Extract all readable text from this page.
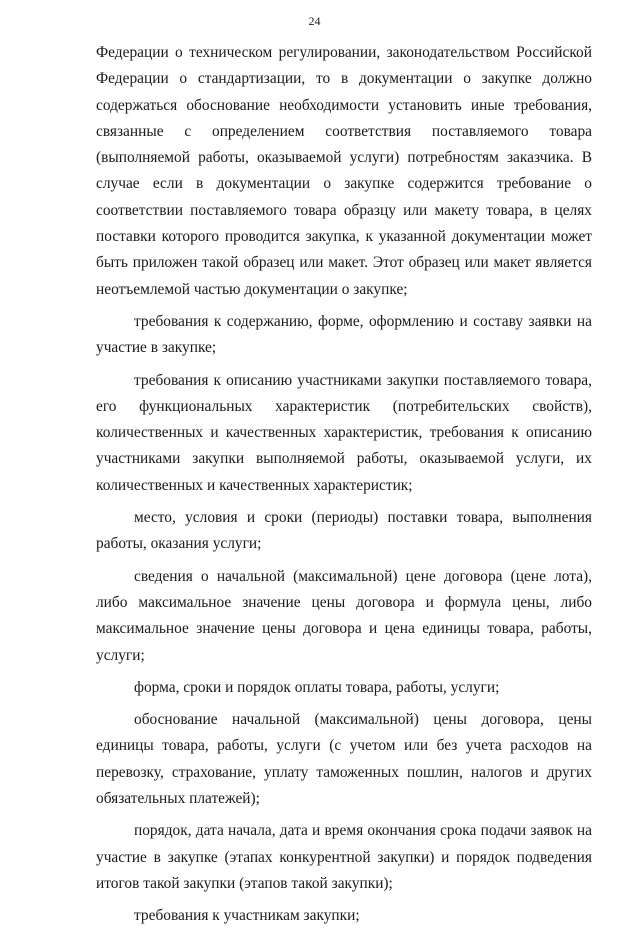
24

Федерации о техническом регулировании, законодательством Российской Федерации о стандартизации, то в документации о закупке должно содержаться обоснование необходимости установить иные требования, связанные с определением соответствия поставляемого товара (выполняемой работы, оказываемой услуги) потребностям заказчика. В случае если в документации о закупке содержится требование о соответствии поставляемого товара образцу или макету товара, в целях поставки которого проводится закупка, к указанной документации может быть приложен такой образец или макет. Этот образец или макет является неотъемлемой частью документации о закупке;

требования к содержанию, форме, оформлению и составу заявки на участие в закупке;

требования к описанию участниками закупки поставляемого товара, его функциональных характеристик (потребительских свойств), количественных и качественных характеристик, требования к описанию участниками закупки выполняемой работы, оказываемой услуги, их количественных и качественных характеристик;

место, условия и сроки (периоды) поставки товара, выполнения работы, оказания услуги;

сведения о начальной (максимальной) цене договора (цене лота), либо максимальное значение цены договора и формула цены, либо максимальное значение цены договора и цена единицы товара, работы, услуги;

форма, сроки и порядок оплаты товара, работы, услуги;

обоснование начальной (максимальной) цены договора, цены единицы товара, работы, услуги (с учетом или без учета расходов на перевозку, страхование, уплату таможенных пошлин, налогов и других обязательных платежей);

порядок, дата начала, дата и время окончания срока подачи заявок на участие в закупке (этапах конкурентной закупки) и порядок подведения итогов такой закупки (этапов такой закупки);

требования к участникам закупки;
